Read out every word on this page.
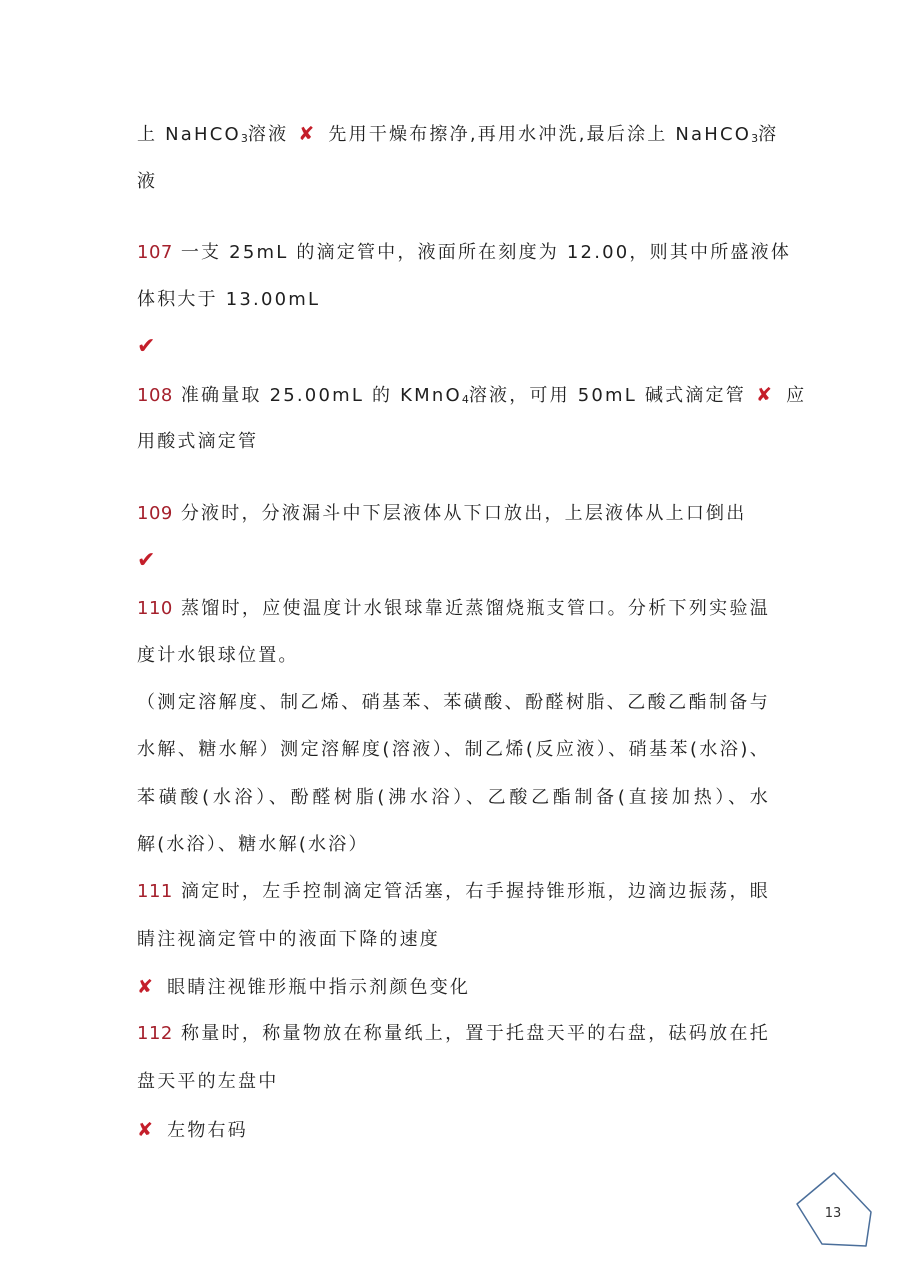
上 NaHCO3溶液 ✘ 先用干燥布擦净,再用水冲洗,最后涂上 NaHCO3溶
液
107 一支 25mL 的滴定管中，液面所在刻度为 12.00，则其中所盛液体
体积大于 13.00mL
✔
108 准确量取 25.00mL 的 KMnO4溶液，可用 50mL 碱式滴定管 ✘ 应
用酸式滴定管
109 分液时，分液漏斗中下层液体从下口放出，上层液体从上口倒出
✔
110 蒸馏时，应使温度计水银球靠近蒸馏烧瓶支管口。分析下列实验温
度计水银球位置。
（测定溶解度、制乙烯、硝基苯、苯磺酸、酚醛树脂、乙酸乙酯制备与
水解、糖水解）测定溶解度(溶液）、制乙烯(反应液）、硝基苯(水浴)、
苯磺酸(水浴）、酚醛树脂(沸水浴）、乙酸乙酯制备(直接加热）、水
解(水浴）、糖水解(水浴）
111 滴定时，左手控制滴定管活塞，右手握持锥形瓶，边滴边振荡，眼
睛注视滴定管中的液面下降的速度
✘ 眼睛注视锥形瓶中指示剂颜色变化
112 称量时，称量物放在称量纸上，置于托盘天平的右盘，砝码放在托
盘天平的左盘中
✘ 左物右码
13
